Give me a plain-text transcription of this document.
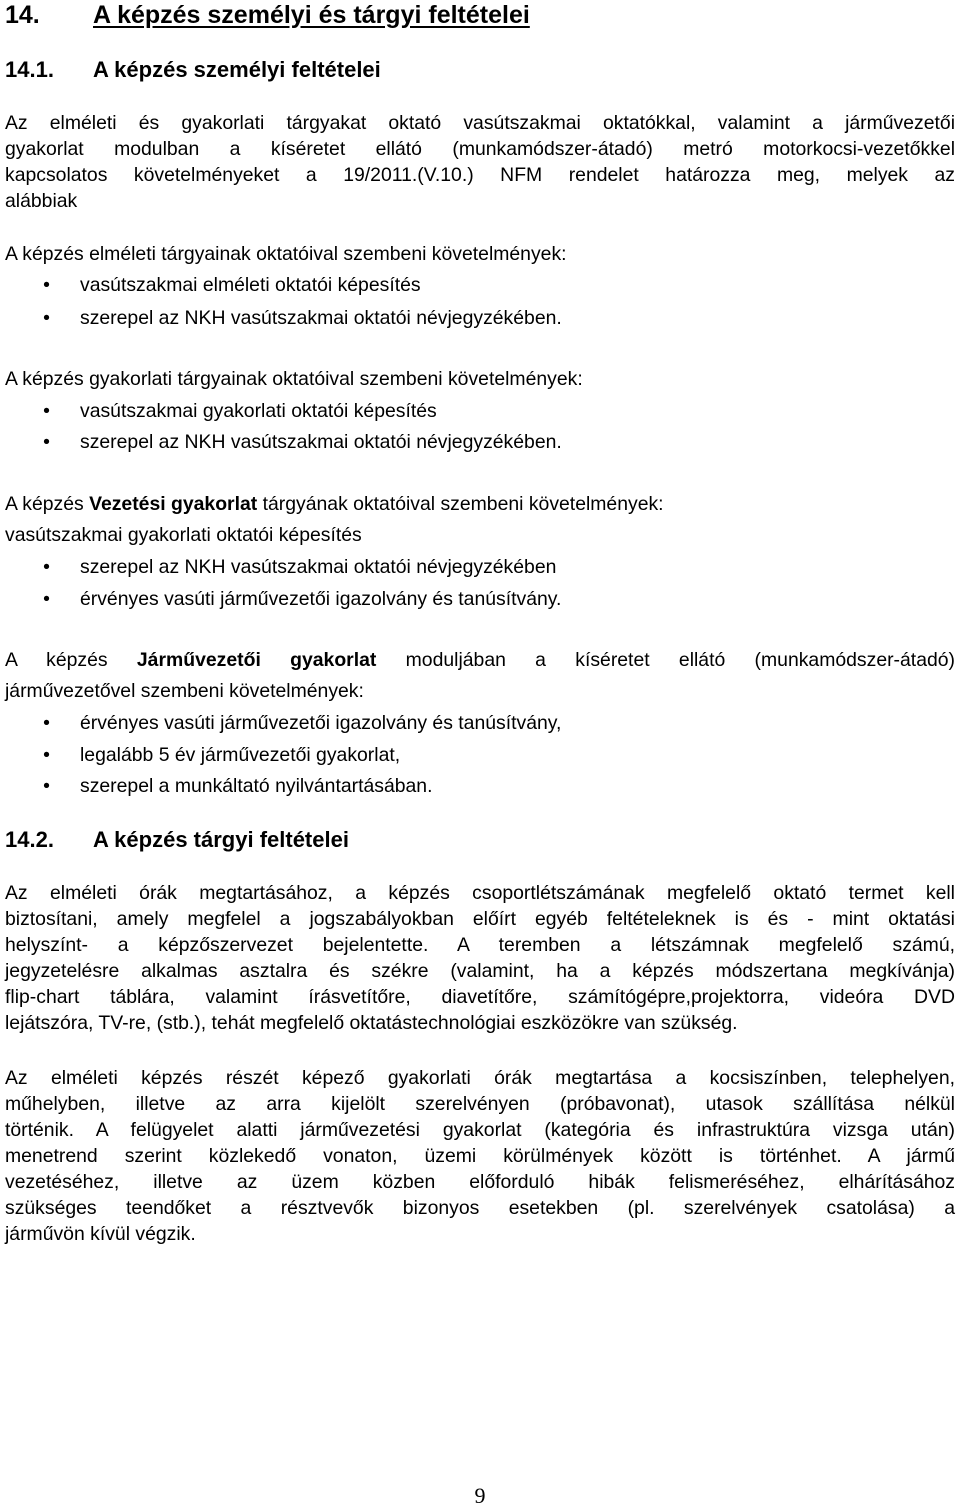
14. A képzés személyi és tárgyi feltételei
14.1. A képzés személyi feltételei
Az elméleti és gyakorlati tárgyakat oktató vasútszakmai oktatókkal, valamint a járművezetői
gyakorlat modulban a kíséretet ellátó (munkamódszer-átadó) metró motorkocsi-vezetőkkel
kapcsolatos követelményeket a 19/2011.(V.10.) NFM rendelet határozza meg, melyek az
alábbiak
A képzés elméleti tárgyainak oktatóival szembeni követelmények:
• vasútszakmai elméleti oktatói képesítés
• szerepel az NKH vasútszakmai oktatói névjegyzékében.
A képzés gyakorlati tárgyainak oktatóival szembeni követelmények:
• vasútszakmai gyakorlati oktatói képesítés
• szerepel az NKH vasútszakmai oktatói névjegyzékében.
A képzés Vezetési gyakorlat tárgyának oktatóival szembeni követelmények:
vasútszakmai gyakorlati oktatói képesítés
• szerepel az NKH vasútszakmai oktatói névjegyzékében
• érvényes vasúti járművezetői igazolvány és tanúsítvány.
A képzés Járművezetői gyakorlat moduljában a kíséretet ellátó (munkamódszer-átadó)
járművezetővel szembeni követelmények:
• érvényes vasúti járművezetői igazolvány és tanúsítvány,
• legalább 5 év járművezetői gyakorlat,
• szerepel a munkáltató nyilvántartásában.
14.2. A képzés tárgyi feltételei
Az elméleti órák megtartásához, a képzés csoportlétszámának megfelelő oktató termet kell
biztosítani, amely megfelel a jogszabályokban előírt egyéb feltételeknek is és - mint oktatási
helyszínt- a képzőszervezet bejelentette. A teremben a létszámnak megfelelő számú,
jegyzetelésre alkalmas asztalra és székre (valamint, ha a képzés módszertana megkívánja)
flip-chart táblára, valamint írásvetítőre, diavetítőre, számítógépre,projektorra, videóra DVD
lejátszóra, TV-re, (stb.), tehát megfelelő oktatástechnológiai eszközökre van szükség.
Az elméleti képzés részét képező gyakorlati órák megtartása a kocsiszínben, telephelyen,
műhelyben, illetve az arra kijelölt szerelvényen (próbavonat), utasok szállítása nélkül
történik. A felügyelet alatti járművezetési gyakorlat (kategória és infrastruktúra vizsga után)
menetrend szerint közlekedő vonaton, üzemi körülmények között is történhet. A jármű
vezetéséhez, illetve az üzem közben előforduló hibák felismeréséhez, elhárításához
szükséges teendőket a résztvevők bizonyos esetekben (pl. szerelvények csatolása) a
járművön kívül végzik.
9
